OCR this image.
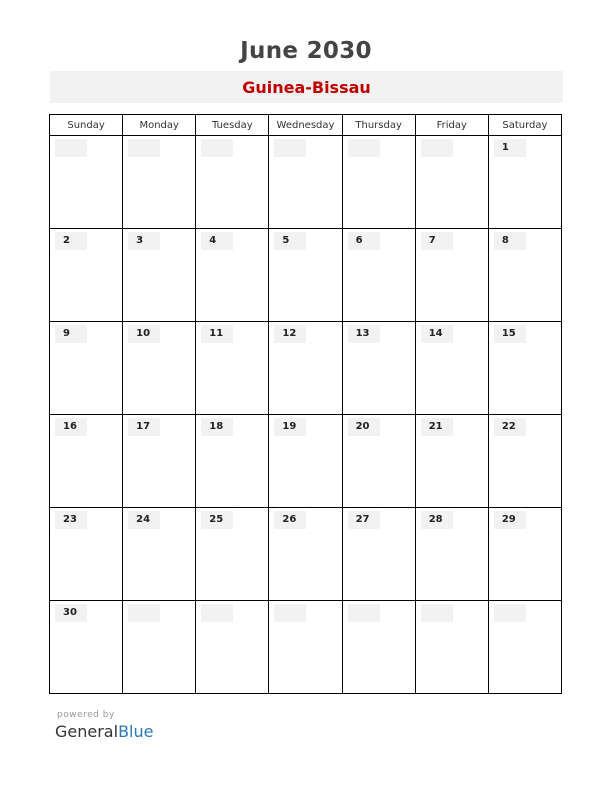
June 2030
Guinea-Bissau
Sunday	Monday	Tuesday	Wednesday	Thursday	Friday	Saturday

						1

2	3	4	5	6	7	8

9	10	11	12	13	14	15

16	17	18	19	20	21	22

23	24	25	26	27	28	29

30						

powered by
GeneralBlue
